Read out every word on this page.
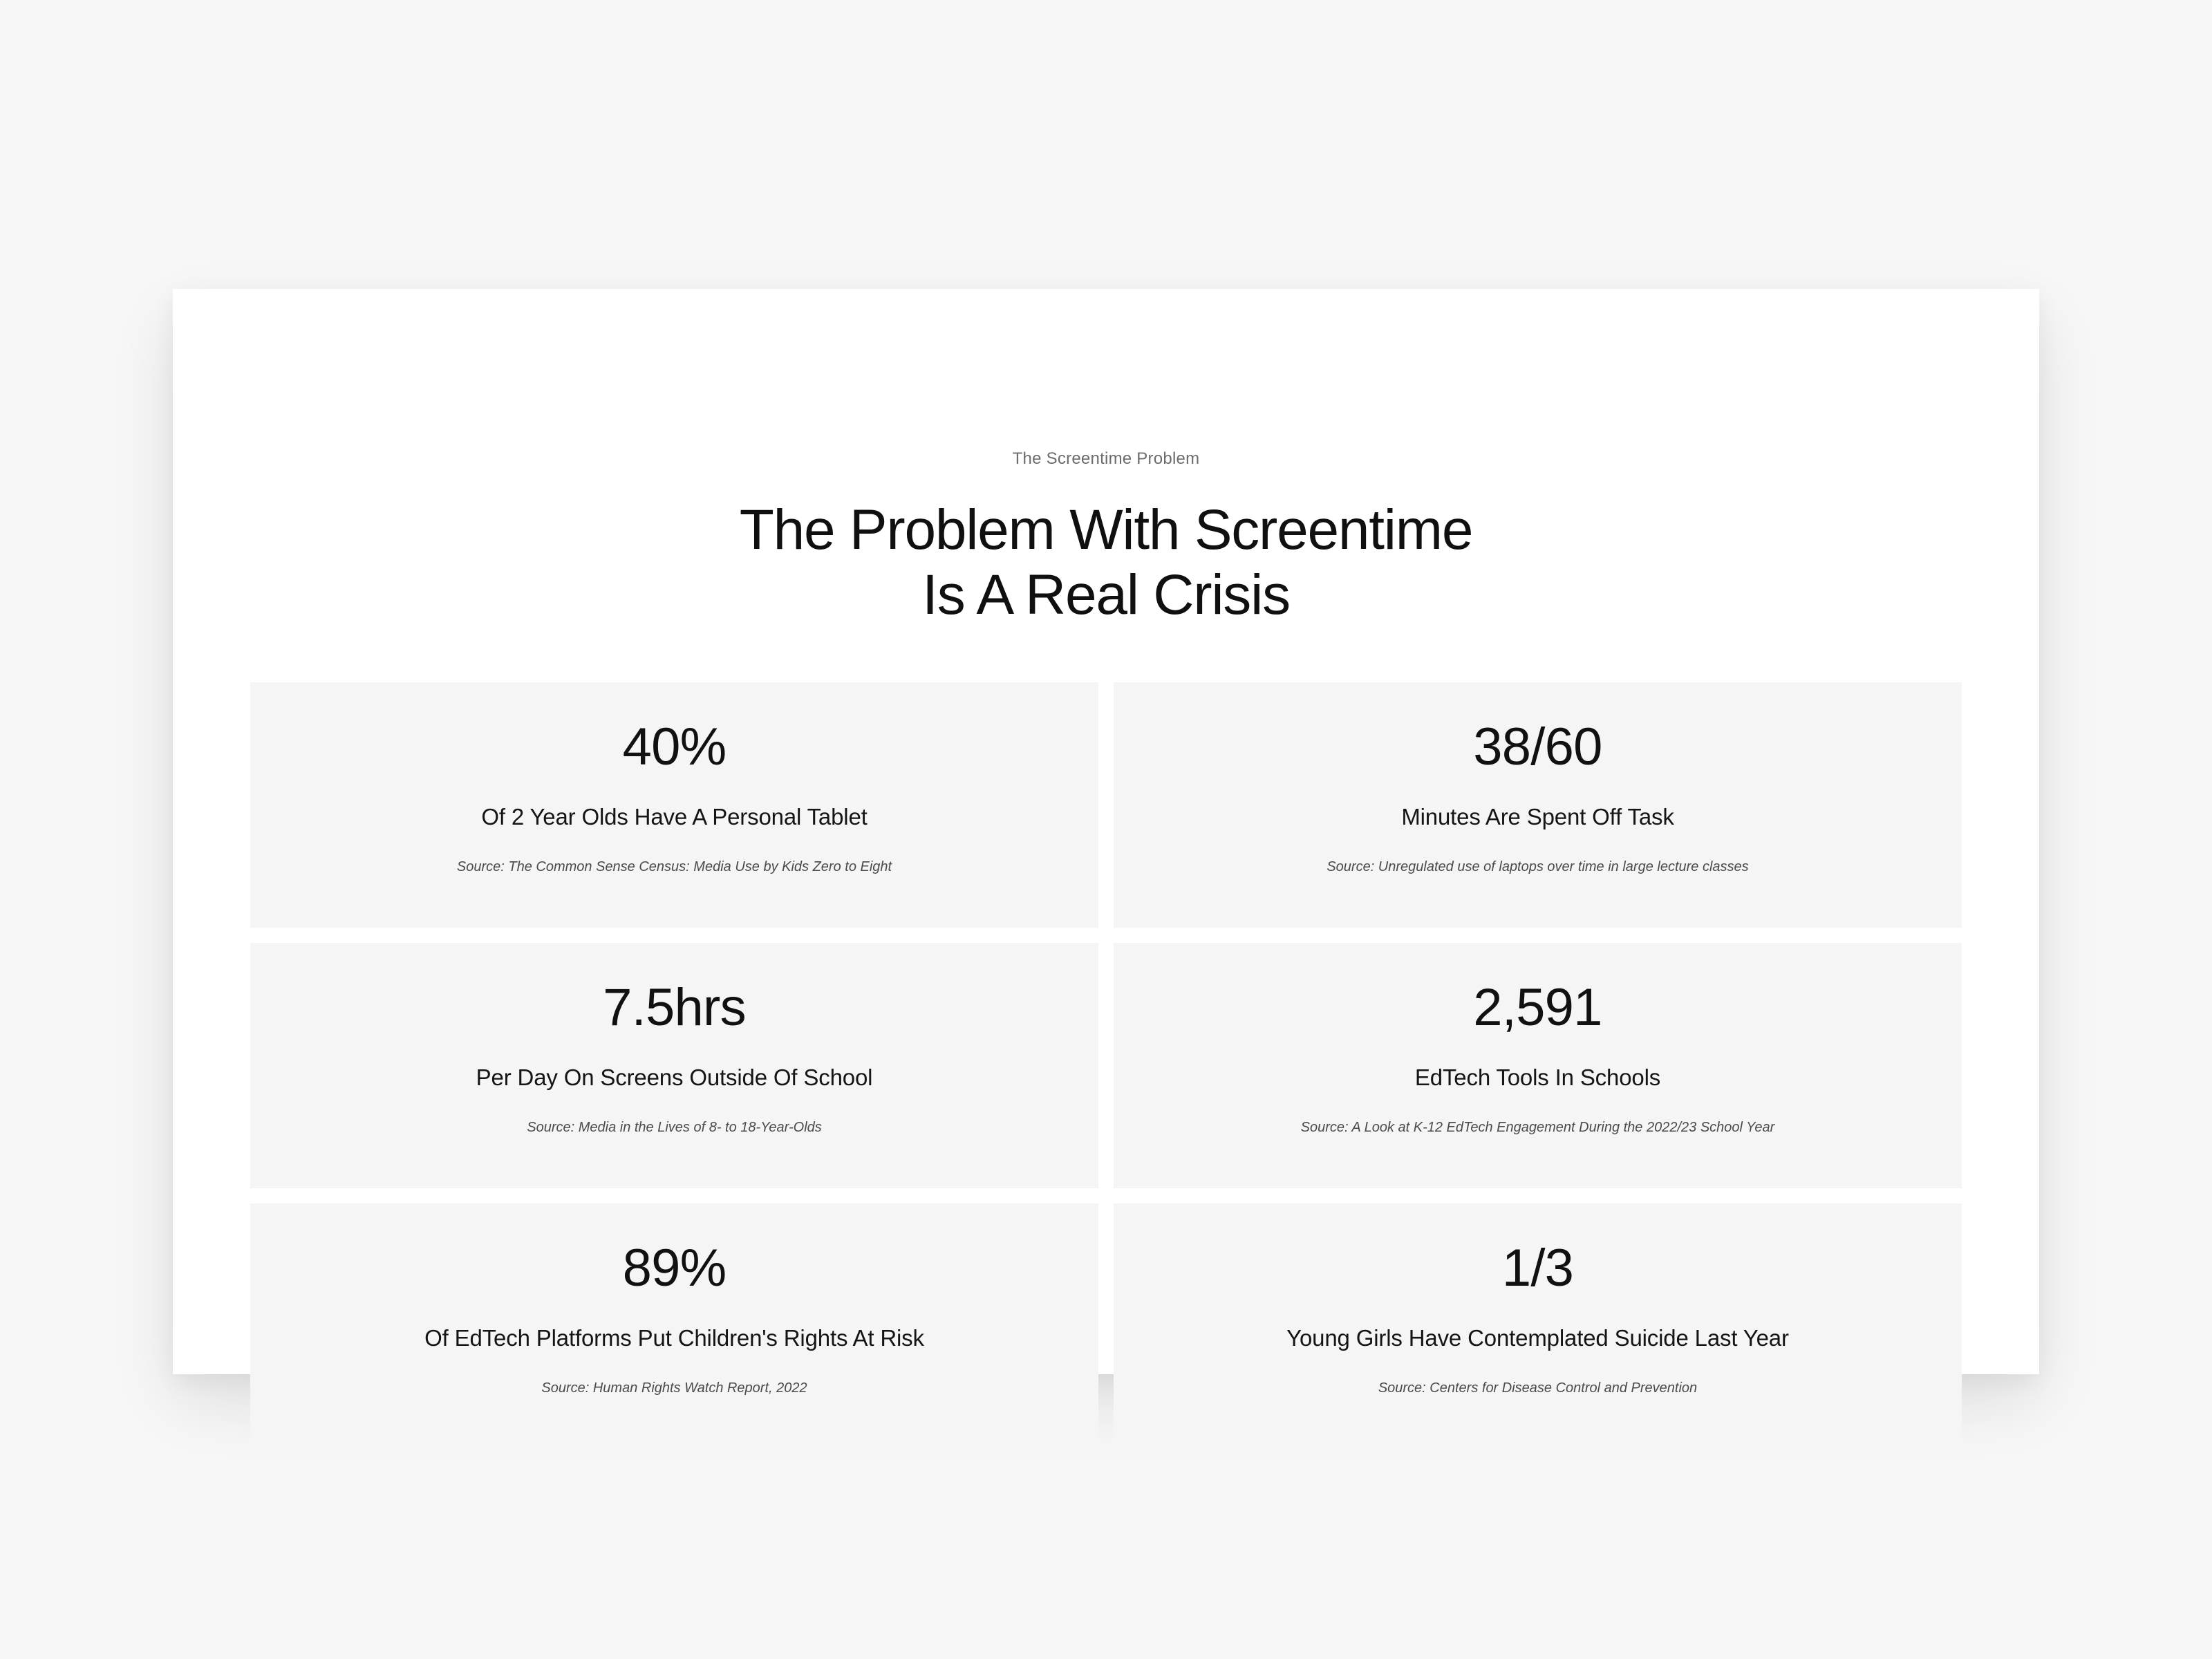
The Screentime Problem
The Problem With Screentime
Is A Real Crisis
40%
Of 2 Year Olds Have A Personal Tablet
Source: The Common Sense Census: Media Use by Kids Zero to Eight
38/60
Minutes Are Spent Off Task
Source: Unregulated use of laptops over time in large lecture classes
7.5hrs
Per Day On Screens Outside Of School
Source: Media in the Lives of 8- to 18-Year-Olds
2,591
EdTech Tools In Schools
Source: A Look at K-12 EdTech Engagement During the 2022/23 School Year
89%
Of EdTech Platforms Put Children's Rights At Risk
Source: Human Rights Watch Report, 2022
1/3
Young Girls Have Contemplated Suicide Last Year
Source: Centers for Disease Control and Prevention
